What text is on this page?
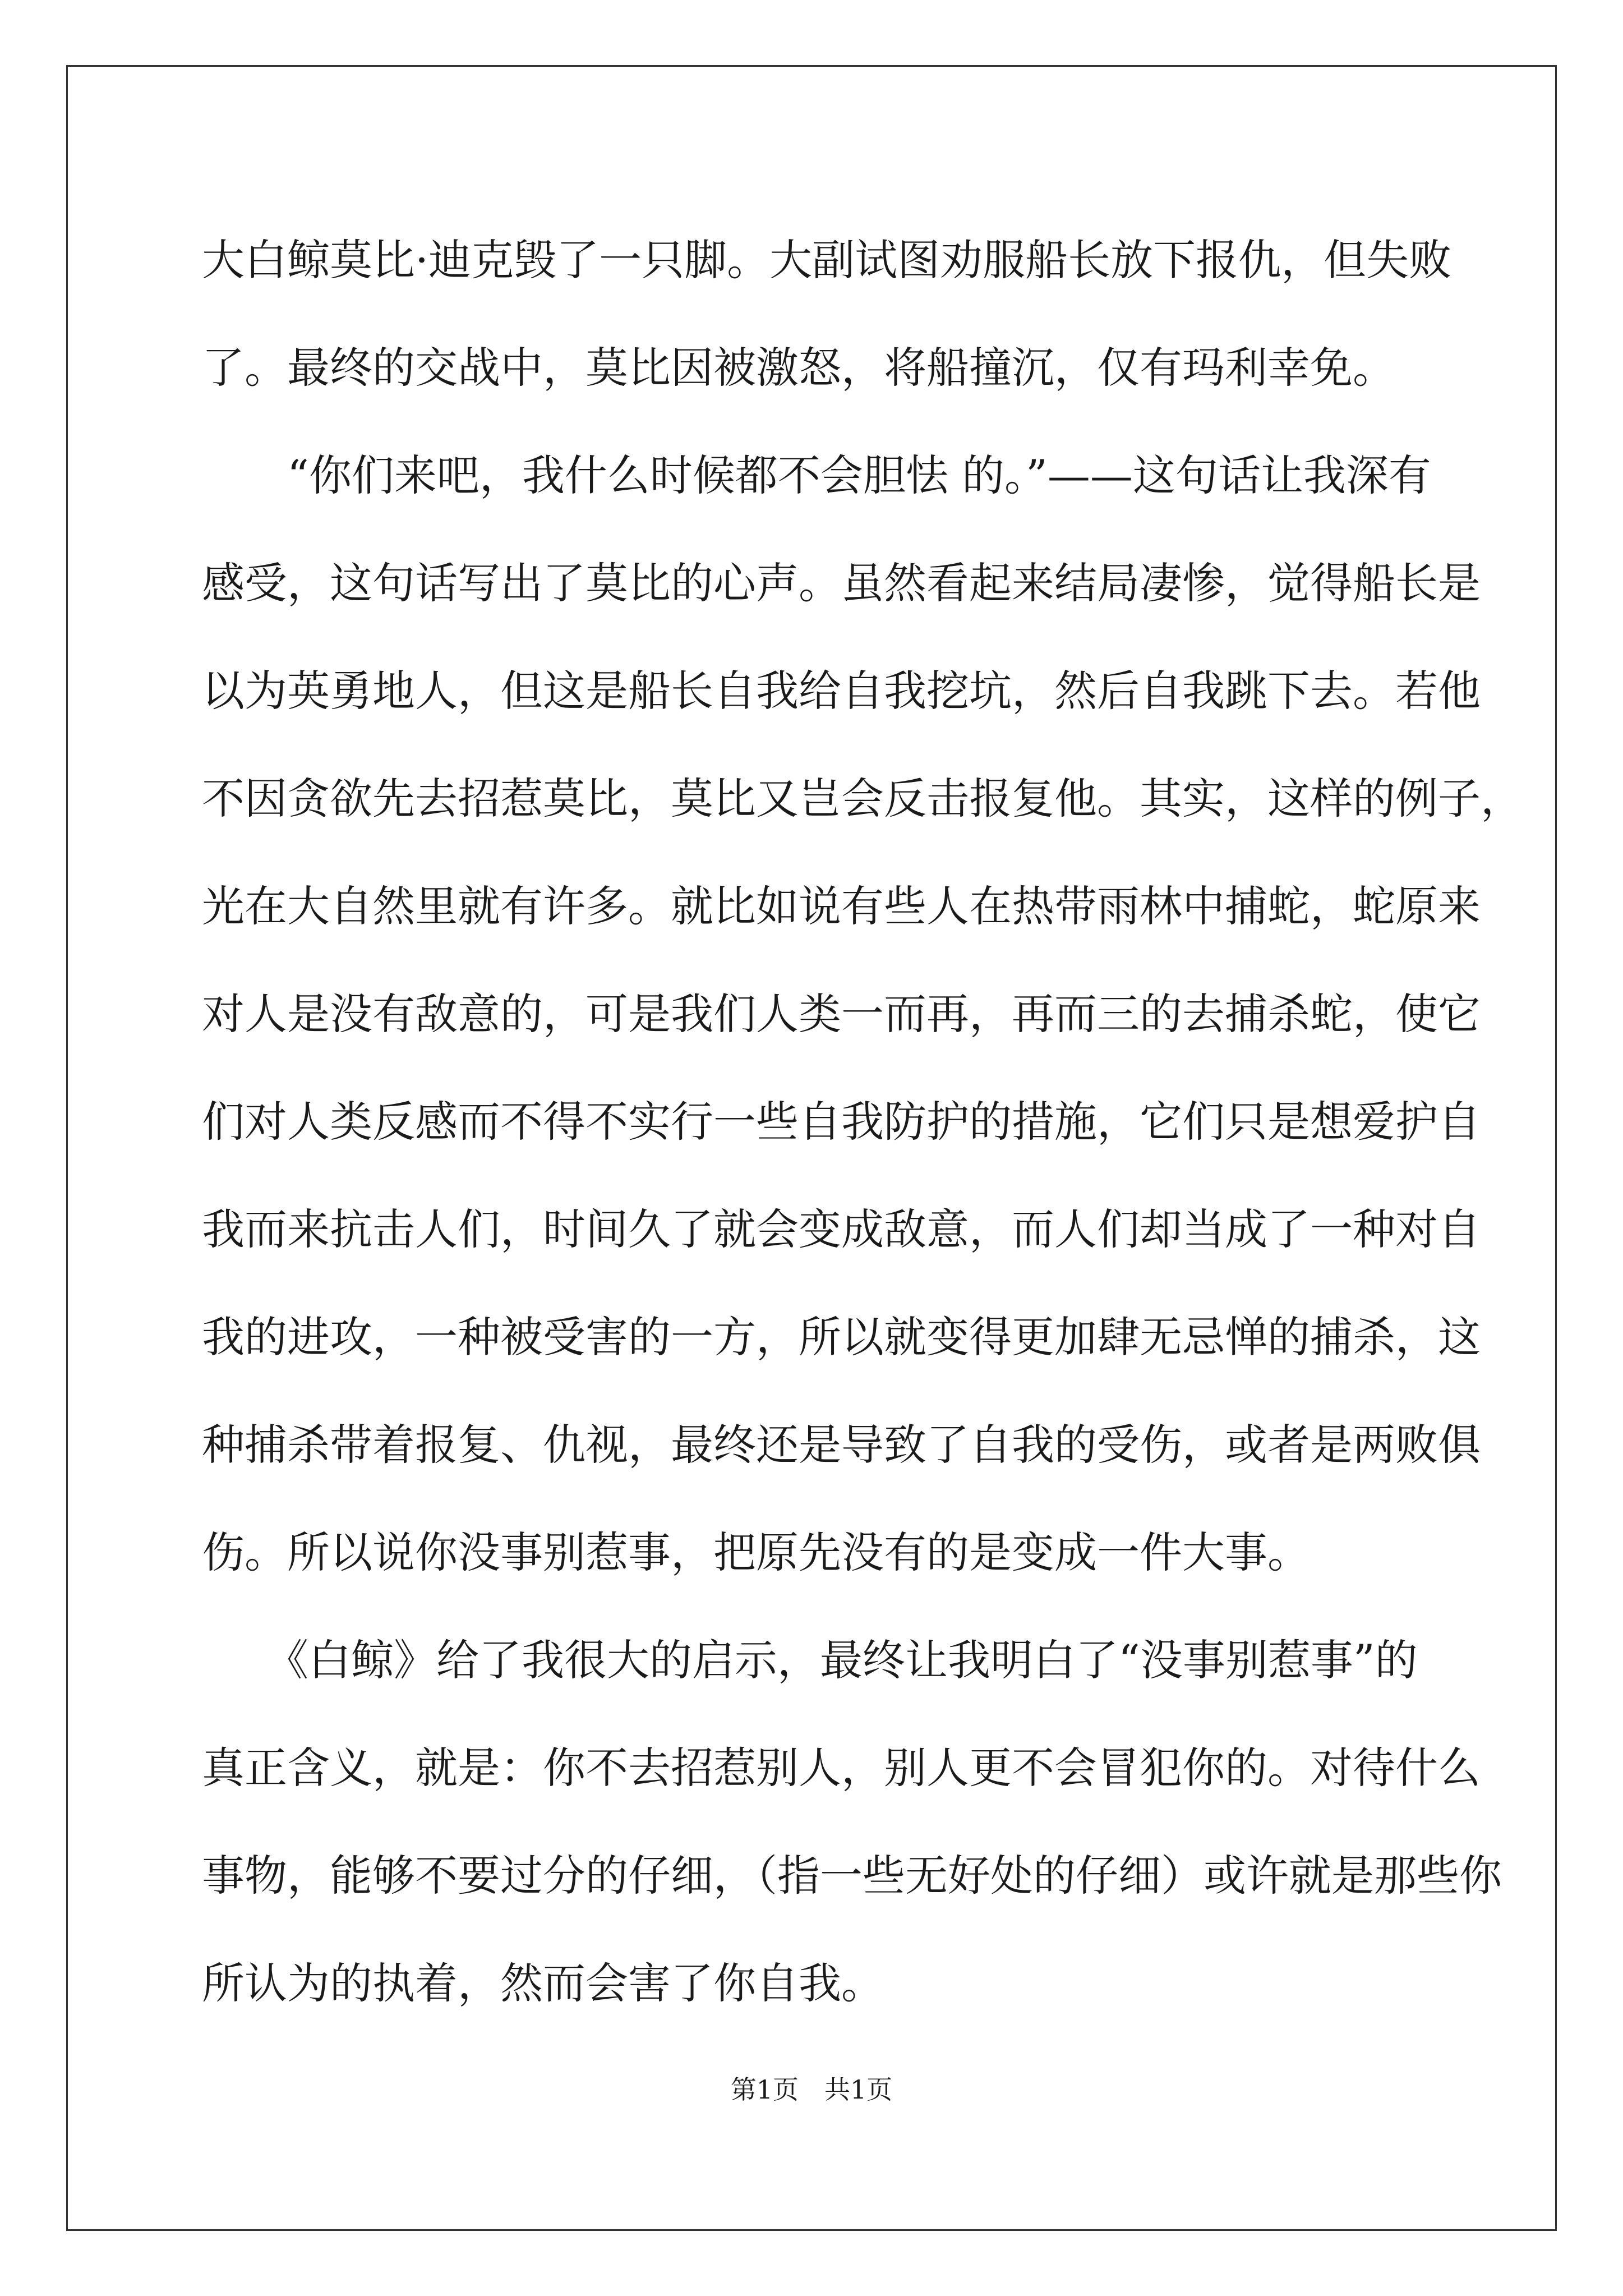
大白鲸莫比·迪克毁了一只脚。大副试图劝服船长放下报仇，但失败
了。最终的交战中，莫比因被激怒，将船撞沉，仅有玛利幸免。
　　“你们来吧，我什么时候都不会胆怯 的。”——这句话让我深有
感受，这句话写出了莫比的心声。虽然看起来结局凄惨，觉得船长是
以为英勇地人，但这是船长自我给自我挖坑，然后自我跳下去。若他
不因贪欲先去招惹莫比，莫比又岂会反击报复他。其实，这样的例子，
光在大自然里就有许多。就比如说有些人在热带雨林中捕蛇，蛇原来
对人是没有敌意的，可是我们人类一而再，再而三的去捕杀蛇，使它
们对人类反感而不得不实行一些自我防护的措施，它们只是想爱护自
我而来抗击人们，时间久了就会变成敌意，而人们却当成了一种对自
我的进攻，一种被受害的一方，所以就变得更加肆无忌惮的捕杀，这
种捕杀带着报复、仇视，最终还是导致了自我的受伤，或者是两败俱
伤。所以说你没事别惹事，把原先没有的是变成一件大事。
　　《白鲸》给了我很大的启示，最终让我明白了“没事别惹事”的
真正含义，就是：你不去招惹别人，别人更不会冒犯你的。对待什么
事物，能够不要过分的仔细，（指一些无好处的仔细）或许就是那些你
所认为的执着，然而会害了你自我。
第1页　共1页
